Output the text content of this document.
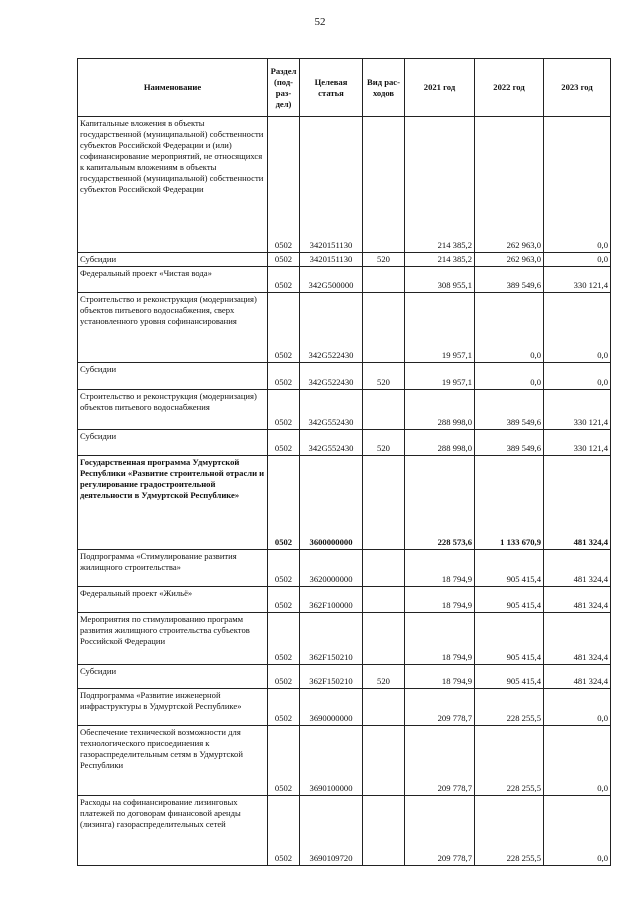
52
Наименование	Раздел (под-раз-дел)	Целевая статья	Вид рас-ходов	2021 год	2022 год	2023 год
Капитальные вложения в объекты государственной (муниципальной) собственности субъектов Российской Федерации и (или) софинансирование мероприятий, не относящихся к капитальным вложениям в объекты государственной (муниципальной) собственности субъектов Российской Федерации	0502	3420151130		214 385,2	262 963,0	0,0
Субсидии	0502	3420151130	520	214 385,2	262 963,0	0,0
Федеральный проект «Чистая вода»	0502	342G500000		308 955,1	389 549,6	330 121,4
Строительство и реконструкция (модернизация) объектов питьевого водоснабжения, сверх установленного уровня софинансирования	0502	342G522430		19 957,1	0,0	0,0
Субсидии	0502	342G522430	520	19 957,1	0,0	0,0
Строительство и реконструкция (модернизация) объектов питьевого водоснабжения	0502	342G552430		288 998,0	389 549,6	330 121,4
Субсидии	0502	342G552430	520	288 998,0	389 549,6	330 121,4
Государственная программа Удмуртской Республики «Развитие строительной отрасли и регулирование градостроительной деятельности в Удмуртской Республике»	0502	3600000000		228 573,6	1 133 670,9	481 324,4
Подпрограмма «Стимулирование развития жилищного строительства»	0502	3620000000		18 794,9	905 415,4	481 324,4
Федеральный проект «Жильё»	0502	362F100000		18 794,9	905 415,4	481 324,4
Мероприятия по стимулированию программ развития жилищного строительства субъектов Российской Федерации	0502	362F150210		18 794,9	905 415,4	481 324,4
Субсидии	0502	362F150210	520	18 794,9	905 415,4	481 324,4
Подпрограмма «Развитие инженерной инфраструктуры в Удмуртской Республике»	0502	3690000000		209 778,7	228 255,5	0,0
Обеспечение технической возможности для технологического присоединения к газораспределительным сетям в Удмуртской Республики	0502	3690100000		209 778,7	228 255,5	0,0
Расходы на софинансирование лизинговых платежей по договорам финансовой аренды (лизинга) газораспределительных сетей	0502	3690109720		209 778,7	228 255,5	0,0
